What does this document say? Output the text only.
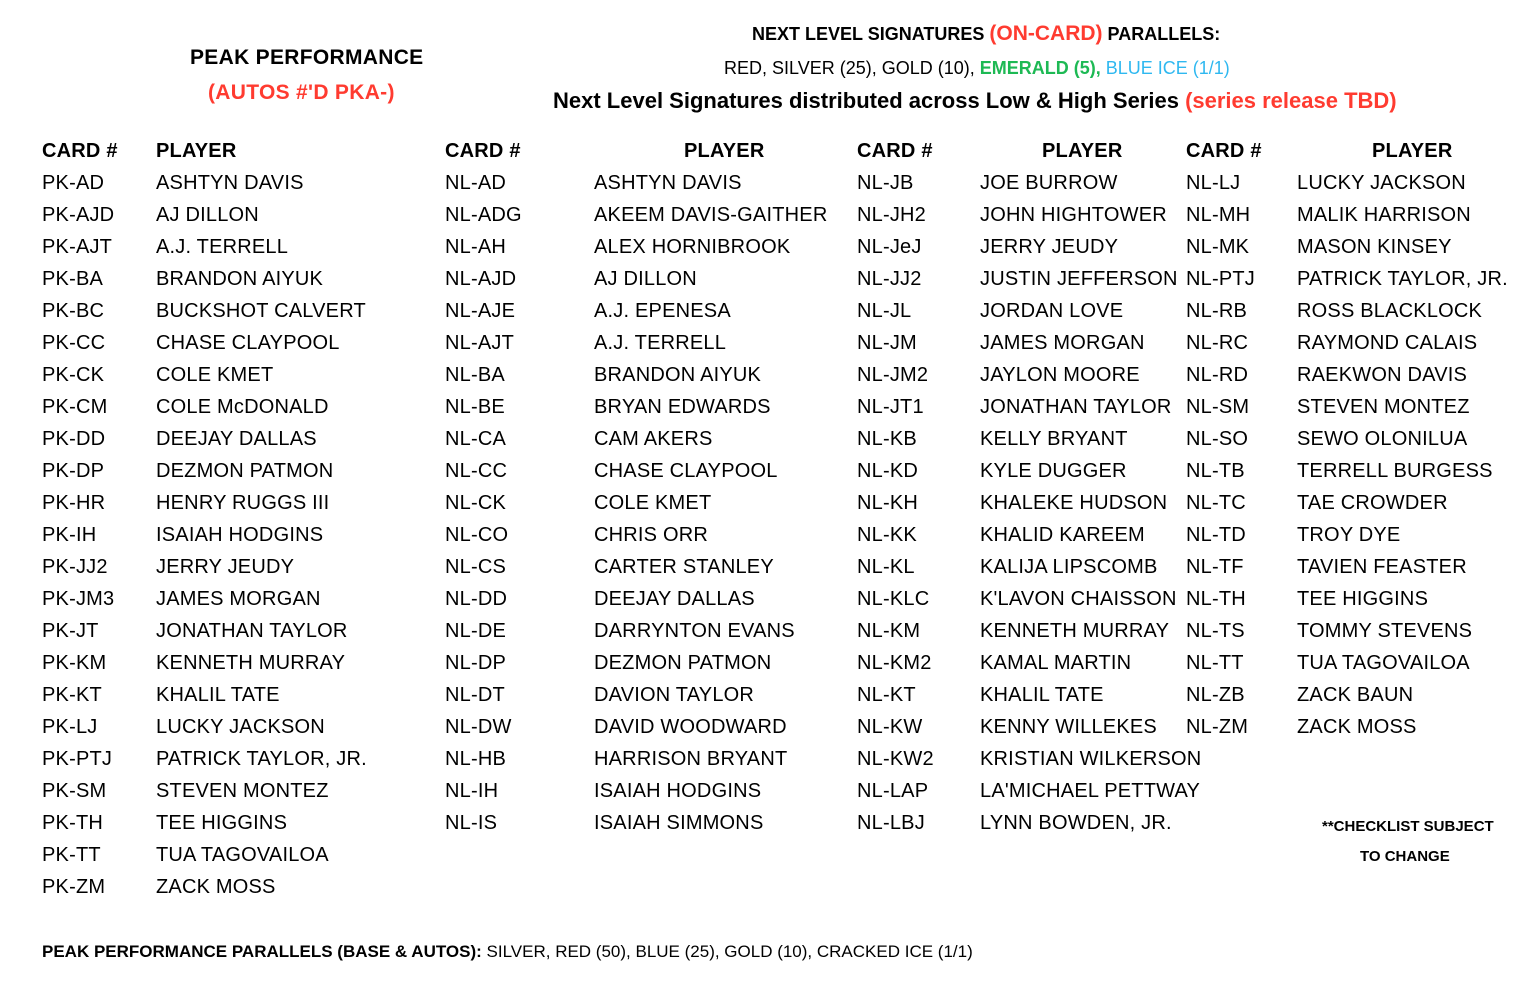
PEAK PERFORMANCE
(AUTOS #'D PKA-)
NEXT LEVEL SIGNATURES (ON-CARD) PARALLELS:
RED, SILVER (25), GOLD (10), EMERALD (5), BLUE ICE (1/1)
Next Level Signatures distributed across Low & High Series (series release TBD)
CARD # PLAYER	CARD #	PLAYER	CARD #	PLAYER	CARD #	PLAYER
PK-AD	ASHTYN DAVIS
PK-AJD AJ DILLON
PK-AJT A.J. TERRELL
PK-BA	BRANDON AIYUK
PK-BC	BUCKSHOT CALVERT
PK-CC	CHASE CLAYPOOL
PK-CK	COLE KMET
PK-CM COLE McDONALD
PK-DD	DEEJAY DALLAS
PK-DP	DEZMON PATMON
PK-HR	HENRY RUGGS III
PK-IH	ISAIAH HODGINS
PK-JJ2 JERRY JEUDY
PK-JM3 JAMES MORGAN
PK-JT	JONATHAN TAYLOR
PK-KM KENNETH MURRAY
PK-KT	KHALIL TATE
PK-LJ	LUCKY JACKSON
PK-PTJ PATRICK TAYLOR, JR.
PK-SM STEVEN MONTEZ
PK-TH	TEE HIGGINS
PK-TT	TUA TAGOVAILOA
PK-ZM	ZACK MOSS
NL-AD	ASHTYN DAVIS
NL-ADG	AKEEM DAVIS-GAITHER
NL-AH	ALEX HORNIBROOK
NL-AJD	AJ DILLON
NL-AJE	A.J. EPENESA
NL-AJT	A.J. TERRELL
NL-BA	BRANDON AIYUK
NL-BE	BRYAN EDWARDS
NL-CA	CAM AKERS
NL-CC	CHASE CLAYPOOL
NL-CK	COLE KMET
NL-CO	CHRIS ORR
NL-CS	CARTER STANLEY
NL-DD	DEEJAY DALLAS
NL-DE	DARRYNTON EVANS
NL-DP	DEZMON PATMON
NL-DT	DAVION TAYLOR
NL-DW	DAVID WOODWARD
NL-HB	HARRISON BRYANT
NL-IH	ISAIAH HODGINS
NL-IS	ISAIAH SIMMONS
NL-JB	JOE BURROW
NL-JH2	JOHN HIGHTOWER
NL-JeJ	JERRY JEUDY
NL-JJ2	JUSTIN JEFFERSON
NL-JL	JORDAN LOVE
NL-JM	JAMES MORGAN
NL-JM2	JAYLON MOORE
NL-JT1	JONATHAN TAYLOR
NL-KB	KELLY BRYANT
NL-KD	KYLE DUGGER
NL-KH	KHALEKE HUDSON
NL-KK	KHALID KAREEM
NL-KL	KALIJA LIPSCOMB
NL-KLC	K'LAVON CHAISSON
NL-KM	KENNETH MURRAY
NL-KM2 KAMAL MARTIN
NL-KT	KHALIL TATE
NL-KW	KENNY WILLEKES
NL-KW2 KRISTIAN WILKERSON
NL-LAP	LA'MICHAEL PETTWAY
NL-LBJ	LYNN BOWDEN, JR.
NL-LJ	LUCKY JACKSON
NL-MH MALIK HARRISON
NL-MK MASON KINSEY
NL-PTJ PATRICK TAYLOR, JR.
NL-RB ROSS BLACKLOCK
NL-RC RAYMOND CALAIS
NL-RD RAEKWON DAVIS
NL-SM STEVEN MONTEZ
NL-SO SEWO OLONILUA
NL-TB	TERRELL BURGESS
NL-TC	TAE CROWDER
NL-TD	TROY DYE
NL-TF	TAVIEN FEASTER
NL-TH	TEE HIGGINS
NL-TS	TOMMY STEVENS
NL-TT	TUA TAGOVAILOA
NL-ZB	ZACK BAUN
NL-ZM ZACK MOSS
**CHECKLIST SUBJECT
TO CHANGE
PEAK PERFORMANCE PARALLELS (BASE & AUTOS): SILVER, RED (50), BLUE (25), GOLD (10), CRACKED ICE (1/1)
